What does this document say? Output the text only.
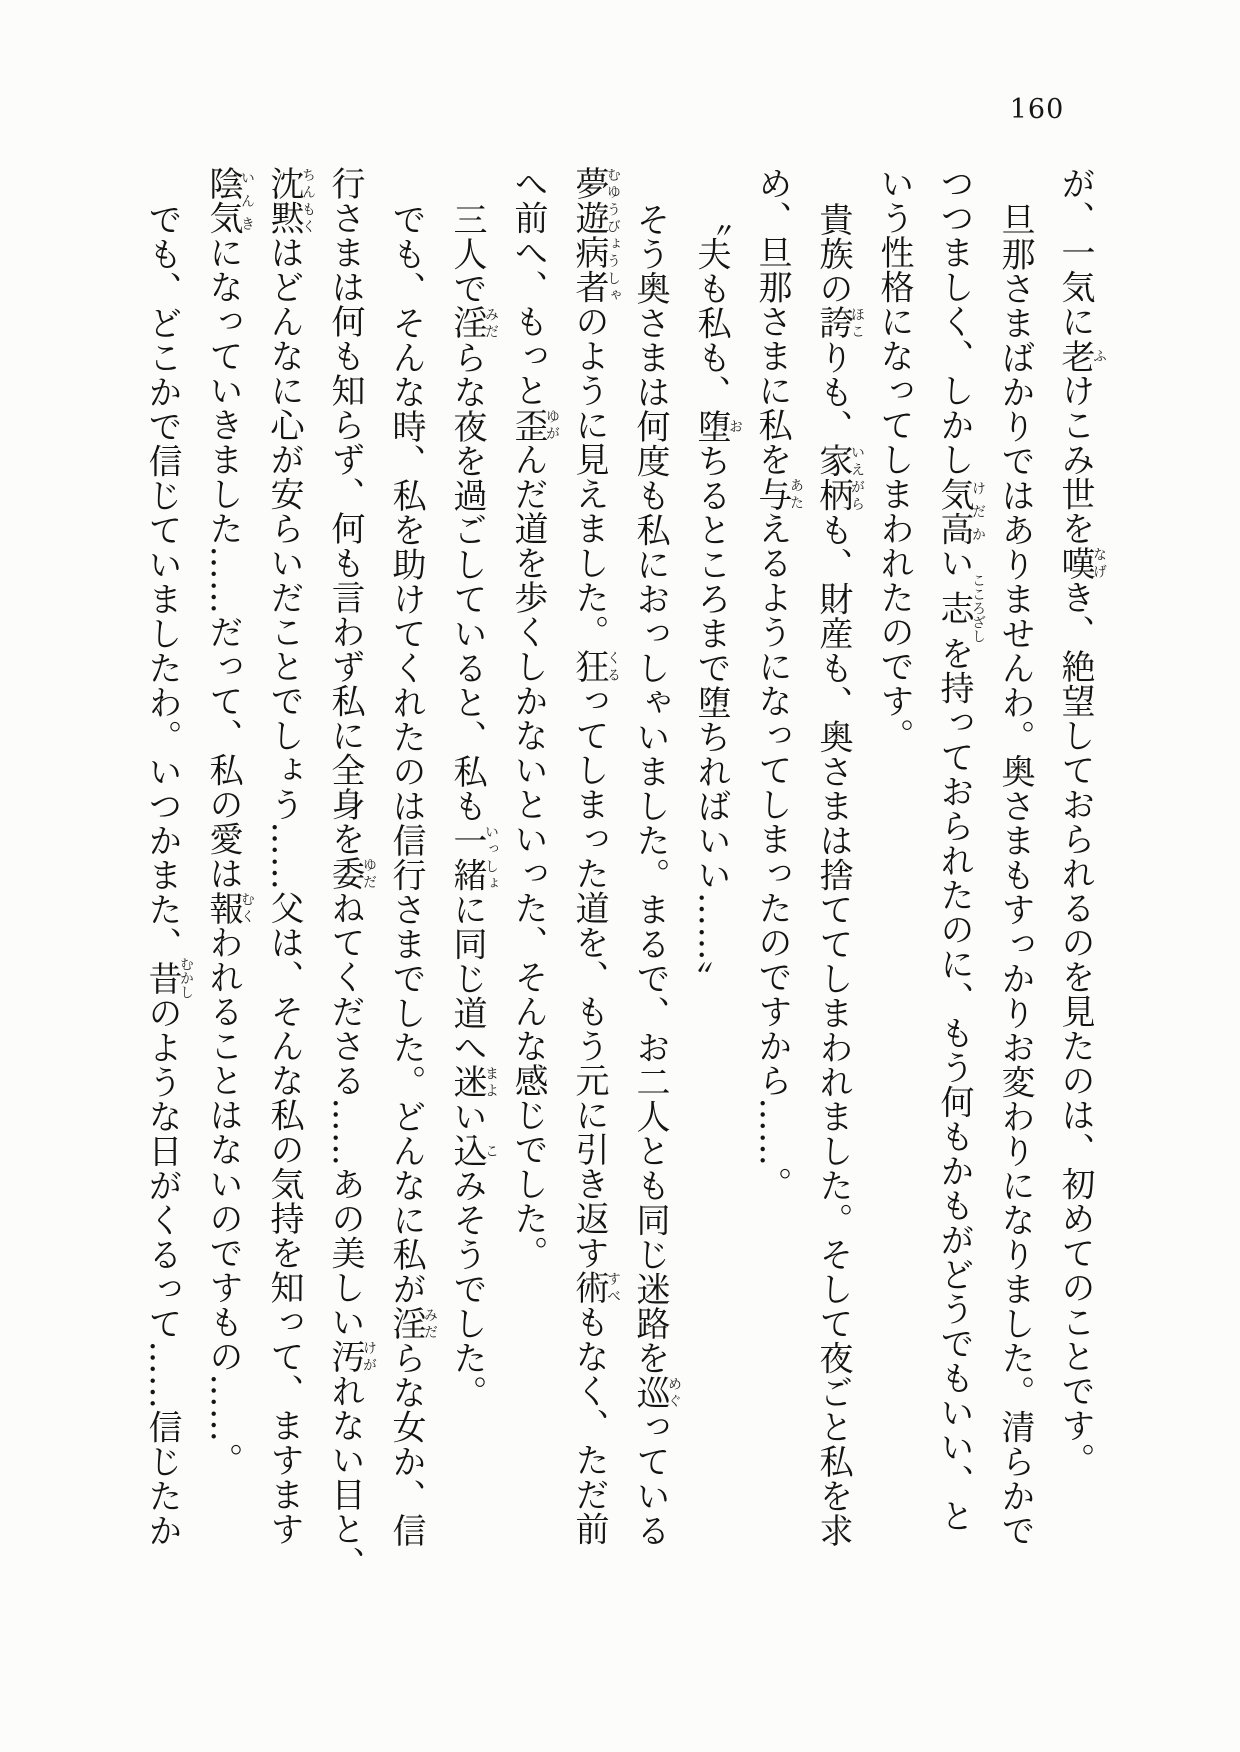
160
が、一気に老ふけこみ世を嘆なげき、絶望しておられるのを見たのは、初めてのことです。
旦那さまばかりではありませんわ。奥さまもすっかりお変わりになりました。清らかで
つつましく、しかし気高けだかい志こころざしを持っておられたのに、もう何もかもがどうでもいい、と
いう性格になってしまわれたのです。
貴族の誇ほこりも、家柄いえがらも、財産も、奥さまは捨ててしまわれました。そして夜ごと私を求
め、旦那さまに私を与あたえるようになってしまったのですから……。
〝夫も私も、堕おちるところまで堕ちればいい……〟
そう奥さまは何度も私におっしゃいました。まるで、お二人とも同じ迷路を巡めぐっている
夢遊病者むゆうびょうしゃのように見えました。狂くるってしまった道を、もう元に引き返す術すべもなく、ただ前
へ前へ、もっと歪ゆがんだ道を歩くしかないといった、そんな感じでした。
三人で淫みだらな夜を過ごしていると、私も一緒いっしょに同じ道へ迷まよい込こみそうでした。
でも、そんな時、私を助けてくれたのは信行さまでした。どんなに私が淫みだらな女か、信
行さまは何も知らず、何も言わず私に全身を委ゆだねてくださる……あの美しい汚けがれない目と、
沈黙ちんもくはどんなに心が安らいだことでしょう……父は、そんな私の気持を知って、ますます
陰気いんきになっていきました……だって、私の愛は報むくわれることはないのですもの……。
でも、どこかで信じていましたわ。いつかまた、昔むかしのような日がくるって……信じたか
